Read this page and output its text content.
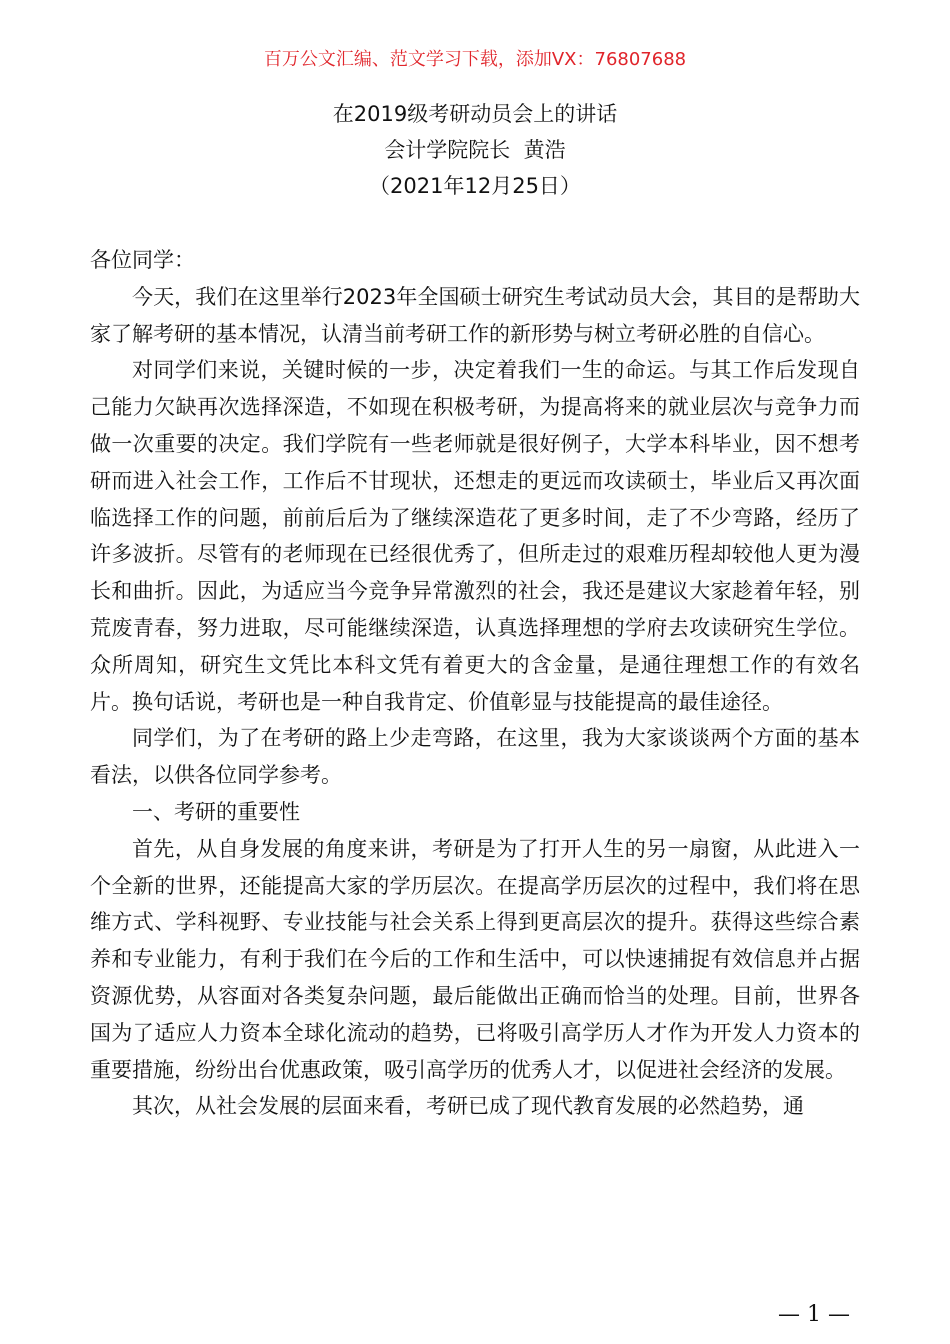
百万公文汇编、范文学习下载，添加VX：76807688
在2019级考研动员会上的讲话
会计学院院长  黄浩
（2021年12月25日）

各位同学：

今天，我们在这里举行2023年全国硕士研究生考试动员大会，其目的是帮助大家了解考研的基本情况，认清当前考研工作的新形势与树立考研必胜的自信心。

对同学们来说，关键时候的一步，决定着我们一生的命运。与其工作后发现自己能力欠缺再次选择深造，不如现在积极考研，为提高将来的就业层次与竞争力而做一次重要的决定。我们学院有一些老师就是很好例子，大学本科毕业，因不想考研而进入社会工作，工作后不甘现状，还想走的更远而攻读硕士，毕业后又再次面临选择工作的问题，前前后后为了继续深造花了更多时间，走了不少弯路，经历了许多波折。尽管有的老师现在已经很优秀了，但所走过的艰难历程却较他人更为漫长和曲折。因此，为适应当今竞争异常激烈的社会，我还是建议大家趁着年轻，别荒废青春，努力进取，尽可能继续深造，认真选择理想的学府去攻读研究生学位。众所周知，研究生文凭比本科文凭有着更大的含金量，是通往理想工作的有效名片。换句话说，考研也是一种自我肯定、价值彰显与技能提高的最佳途径。

同学们，为了在考研的路上少走弯路，在这里，我为大家谈谈两个方面的基本看法，以供各位同学参考。

一、考研的重要性

首先，从自身发展的角度来讲，考研是为了打开人生的另一扇窗，从此进入一个全新的世界，还能提高大家的学历层次。在提高学历层次的过程中，我们将在思维方式、学科视野、专业技能与社会关系上得到更高层次的提升。获得这些综合素养和专业能力，有利于我们在今后的工作和生活中，可以快速捕捉有效信息并占据资源优势，从容面对各类复杂问题，最后能做出正确而恰当的处理。目前，世界各国为了适应人力资本全球化流动的趋势，已将吸引高学历人才作为开发人力资本的重要措施，纷纷出台优惠政策，吸引高学历的优秀人才，以促进社会经济的发展。

其次，从社会发展的层面来看，考研已成了现代教育发展的必然趋势，通

— 1 —
